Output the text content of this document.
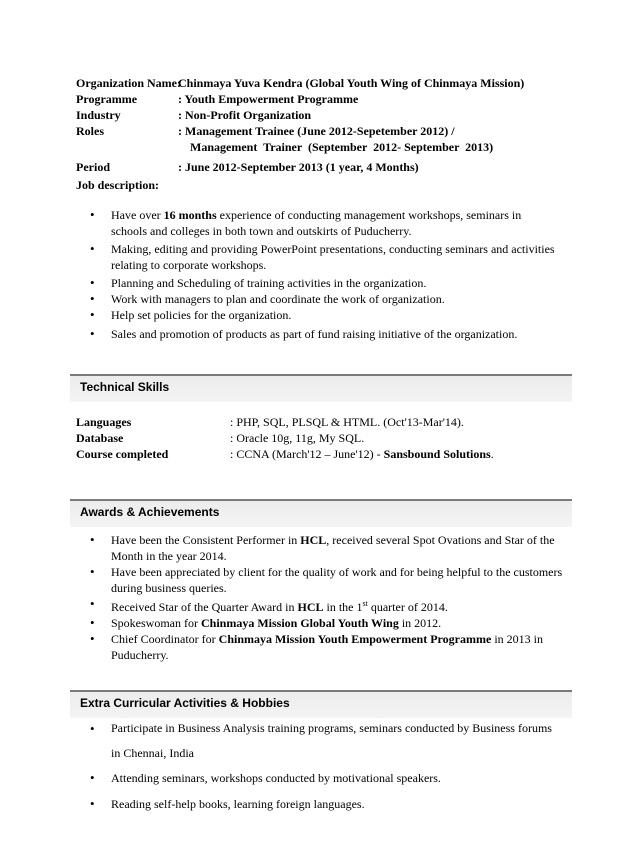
Organization Name:
Chinmaya Yuva Kendra (Global Youth Wing of Chinmaya Mission)
Programme	: Youth Empowerment Programme
Industry	: Non-Profit Organization
Roles	: Management Trainee (June 2012-Sepetember 2012) /
Management  Trainer  (September  2012- September  2013)
Period	: June 2012-September 2013 (1 year, 4 Months)
Job description:
• Have over 16 months experience of conducting management workshops, seminars in schools and colleges in both town and outskirts of Puducherry.
• Making, editing and providing PowerPoint presentations, conducting seminars and activities relating to corporate workshops.
• Planning and Scheduling of training activities in the organization.
• Work with managers to plan and coordinate the work of organization.
• Help set policies for the organization.
• Sales and promotion of products as part of fund raising initiative of the organization.
Technical Skills
Languages	: PHP, SQL, PLSQL & HTML. (Oct'13-Mar'14).
Database	: Oracle 10g, 11g, My SQL.
Course completed	: CCNA (March'12 – June'12) - Sansbound Solutions.
Awards & Achievements
• Have been the Consistent Performer in HCL, received several Spot Ovations and Star of the Month in the year 2014.
• Have been appreciated by client for the quality of work and for being helpful to the customers during business queries.
• Received Star of the Quarter Award in HCL in the 1st quarter of 2014.
• Spokeswoman for Chinmaya Mission Global Youth Wing in 2012.
• Chief Coordinator for Chinmaya Mission Youth Empowerment Programme in 2013 in Puducherry.
Extra Curricular Activities & Hobbies
• Participate in Business Analysis training programs, seminars conducted by Business forums in Chennai, India
• Attending seminars, workshops conducted by motivational speakers.
• Reading self-help books, learning foreign languages.
